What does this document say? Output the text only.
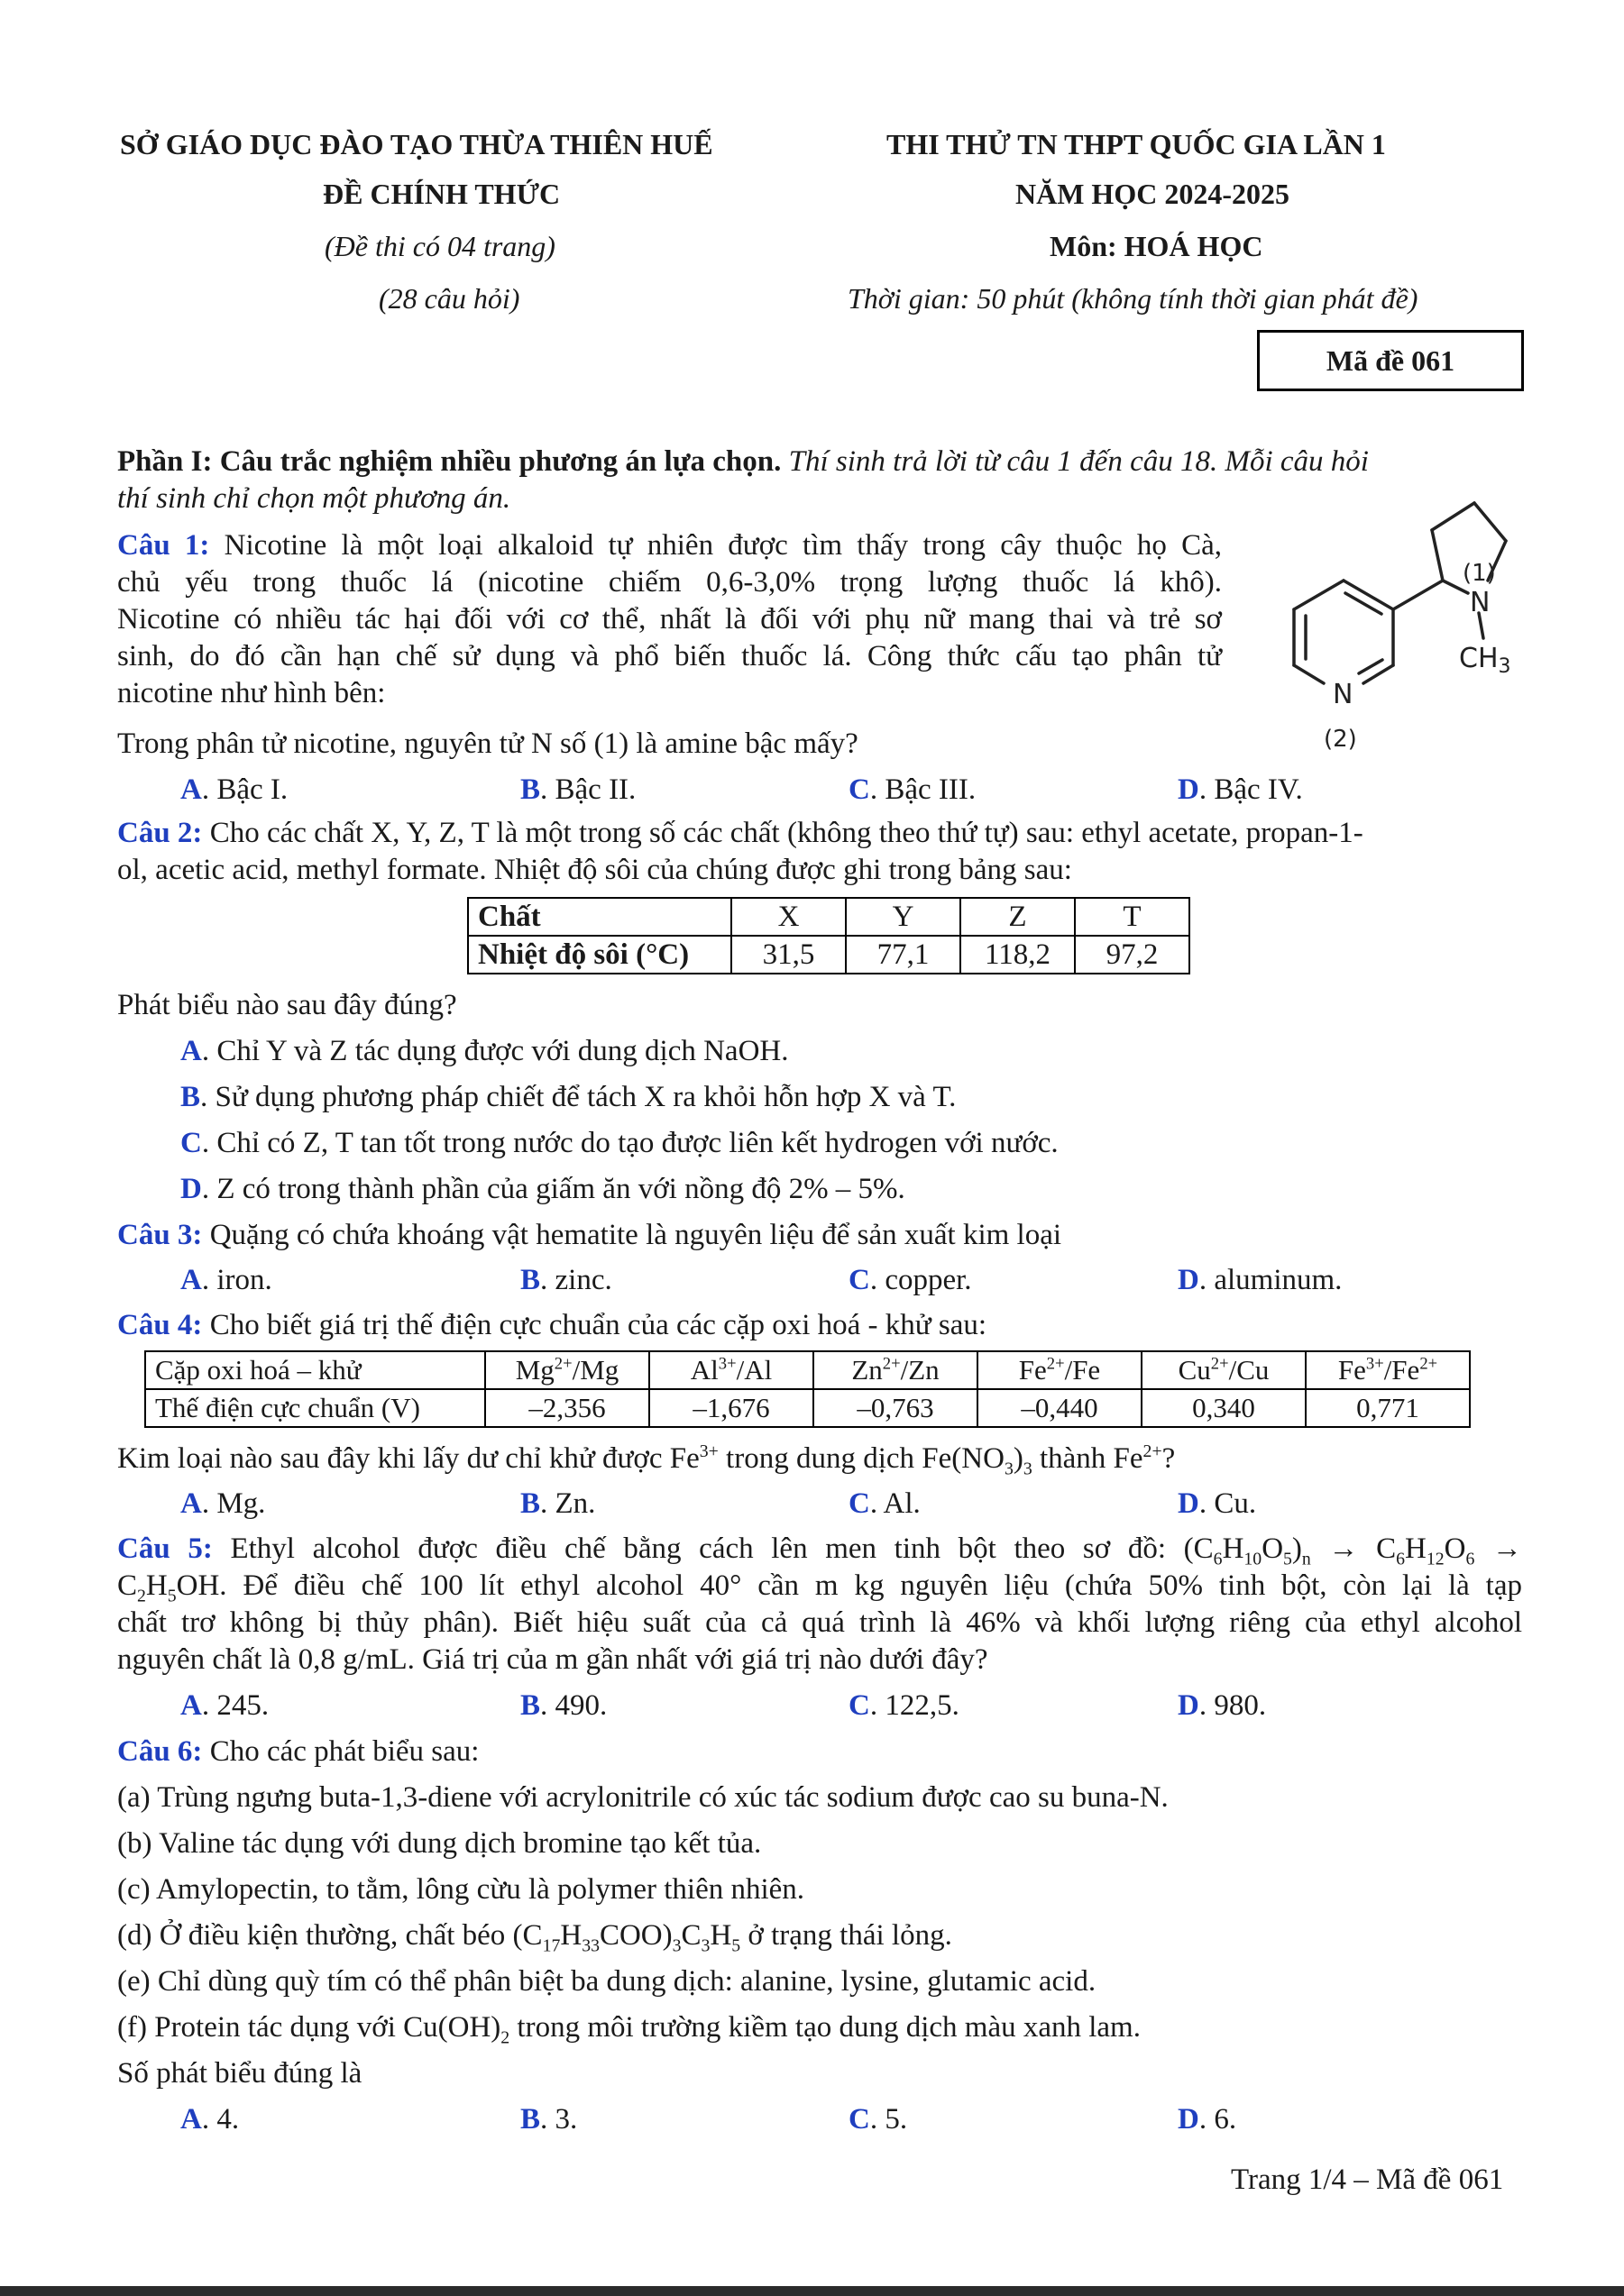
SỞ GIÁO DỤC ĐÀO TẠO THỪA THIÊN HUẾ
ĐỀ CHÍNH THỨC
(Đề thi có 04 trang)
(28 câu hỏi)
THI THỬ TN THPT QUỐC GIA LẦN 1
NĂM HỌC 2024-2025
Môn: HOÁ HỌC
Thời gian: 50 phút (không tính thời gian phát đề)
Mã đề 061
Phần I: Câu trắc nghiệm nhiều phương án lựa chọn. Thí sinh trả lời từ câu 1 đến câu 18. Mỗi câu hỏi
thí sinh chỉ chọn một phương án.
Câu 1: Nicotine là một loại alkaloid tự nhiên được tìm thấy trong cây thuộc họ Cà,
chủ yếu trong thuốc lá (nicotine chiếm 0,6-3,0% trọng lượng thuốc lá khô).
Nicotine có nhiều tác hại đối với cơ thể, nhất là đối với phụ nữ mang thai và trẻ sơ
sinh, do đó cần hạn chế sử dụng và phổ biến thuốc lá. Công thức cấu tạo phân tử
nicotine như hình bên:
Trong phân tử nicotine, nguyên tử N số (1) là amine bậc mấy?
(1)
N
$CH_3$
N
(2)
A. Bậc I.	B. Bậc II.	C. Bậc III.	D. Bậc IV.
Câu 2: Cho các chất X, Y, Z, T là một trong số các chất (không theo thứ tự) sau: ethyl acetate, propan-1-
ol, acetic acid, methyl formate. Nhiệt độ sôi của chúng được ghi trong bảng sau:
Chất	X	Y	Z	T
Nhiệt độ sôi (°C)	31,5	77,1	118,2	97,2
Phát biểu nào sau đây đúng?
A. Chỉ Y và Z tác dụng được với dung dịch NaOH.
B. Sử dụng phương pháp chiết để tách X ra khỏi hỗn hợp X và T.
C. Chỉ có Z, T tan tốt trong nước do tạo được liên kết hydrogen với nước.
D. Z có trong thành phần của giấm ăn với nồng độ 2% – 5%.
Câu 3: Quặng có chứa khoáng vật hematite là nguyên liệu để sản xuất kim loại
A. iron.	B. zinc.	C. copper.	D. aluminum.
Câu 4: Cho biết giá trị thế điện cực chuẩn của các cặp oxi hoá - khử sau:
Cặp oxi hoá – khử	$Mg^{2+}/Mg$	$Al^{3+}/Al$	$Zn^{2+}/Zn$	$Fe^{2+}/Fe$	$Cu^{2+}/Cu$	$Fe^{3+}/Fe^{2+}$
Thế điện cực chuẩn (V)	–2,356	–1,676	–0,763	–0,440	0,340	0,771
Kim loại nào sau đây khi lấy dư chỉ khử được $Fe^{3+}$ trong dung dịch $Fe(NO_3)_3$ thành $Fe^{2+}$?
A. Mg.	B. Zn.	C. Al.	D. Cu.
Câu 5: Ethyl alcohol được điều chế bằng cách lên men tinh bột theo sơ đồ: $(C_6H_{10}O_5)_n \to C_6H_{12}O_6$ →
$C_2H_5OH$. Để điều chế 100 lít ethyl alcohol 40° cần m kg nguyên liệu (chứa 50% tinh bột, còn lại là tạp
chất trơ không bị thủy phân). Biết hiệu suất của cả quá trình là 46% và khối lượng riêng của ethyl alcohol
nguyên chất là 0,8 g/mL. Giá trị của m gần nhất với giá trị nào dưới đây?
A. 245.	B. 490.	C. 122,5.	D. 980.
Câu 6: Cho các phát biểu sau:
(a) Trùng ngưng buta-1,3-diene với acrylonitrile có xúc tác sodium được cao su buna-N.
(b) Valine tác dụng với dung dịch bromine tạo kết tủa.
(c) Amylopectin, to tằm, lông cừu là polymer thiên nhiên.
(d) Ở điều kiện thường, chất béo $(C_{17}H_{33}COO)_3C_3H_5$ ở trạng thái lỏng.
(e) Chỉ dùng quỳ tím có thể phân biệt ba dung dịch: alanine, lysine, glutamic acid.
(f) Protein tác dụng với $Cu(OH)_2$ trong môi trường kiềm tạo dung dịch màu xanh lam.
Số phát biểu đúng là
A. 4.	B. 3.	C. 5.	D. 6.
Trang 1/4 – Mã đề 061
